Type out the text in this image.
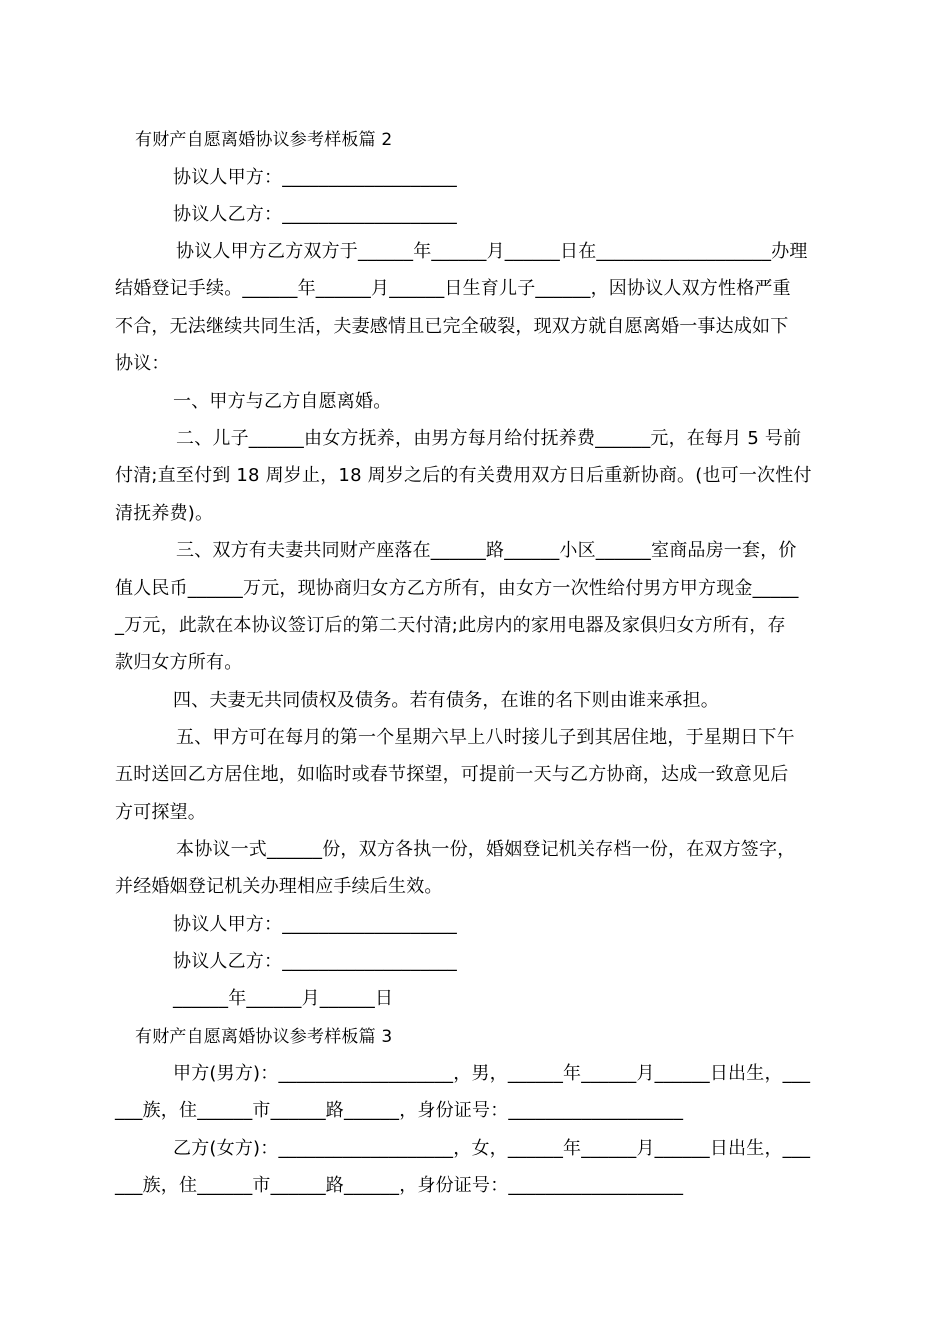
有财产自愿离婚协议参考样板篇 2
协议人甲方：___________________
协议人乙方：___________________
协议人甲方乙方双方于______年______月______日在___________________办理
结婚登记手续。______年______月______日生育儿子______，因协议人双方性格严重
不合，无法继续共同生活，夫妻感情且已完全破裂，现双方就自愿离婚一事达成如下
协议：
一、甲方与乙方自愿离婚。
二、儿子______由女方抚养，由男方每月给付抚养费______元，在每月 5 号前
付清;直至付到 18 周岁止，18 周岁之后的有关费用双方日后重新协商。(也可一次性付
清抚养费)。
三、双方有夫妻共同财产座落在______路______小区______室商品房一套，价
值人民币______万元，现协商归女方乙方所有，由女方一次性给付男方甲方现金_____
_万元，此款在本协议签订后的第二天付清;此房内的家用电器及家俱归女方所有，存
款归女方所有。
四、夫妻无共同债权及债务。若有债务，在谁的名下则由谁来承担。
五、甲方可在每月的第一个星期六早上八时接儿子到其居住地，于星期日下午
五时送回乙方居住地，如临时或春节探望，可提前一天与乙方协商，达成一致意见后
方可探望。
本协议一式______份，双方各执一份，婚姻登记机关存档一份，在双方签字，
并经婚姻登记机关办理相应手续后生效。
协议人甲方：___________________
协议人乙方：___________________
______年______月______日
有财产自愿离婚协议参考样板篇 3
甲方(男方)：___________________，男，______年______月______日出生，___
___族，住______市______路______，身份证号：___________________
乙方(女方)：___________________，女，______年______月______日出生，___
___族，住______市______路______，身份证号：___________________
